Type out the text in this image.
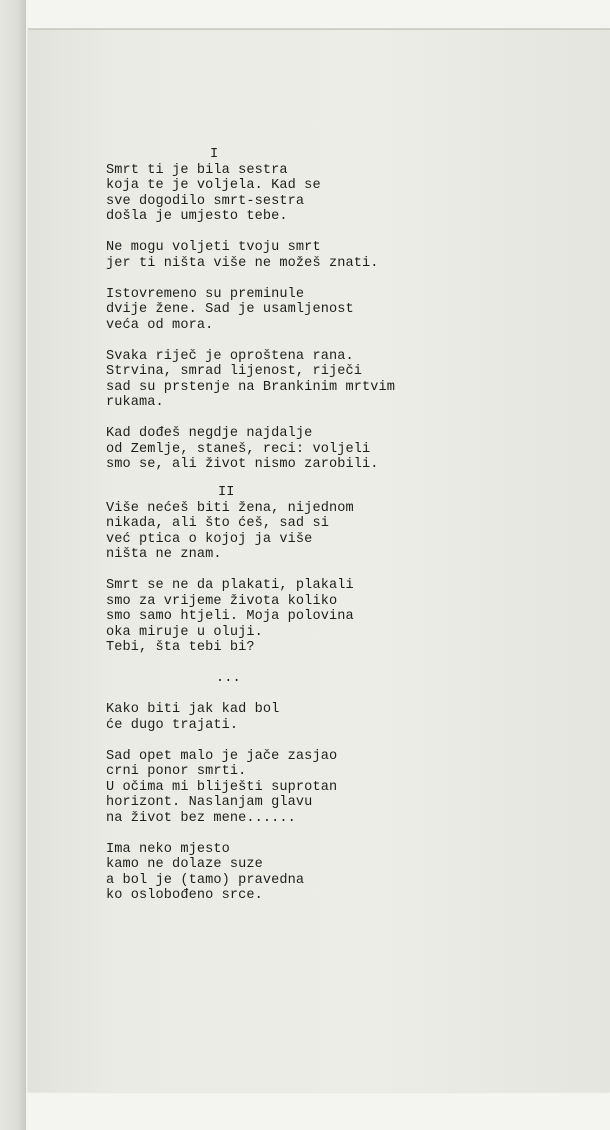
I
Smrt ti je bila sestra
koja te je voljela. Kad se
sve dogodilo smrt-sestra
došla je umjesto tebe.
Ne mogu voljeti tvoju smrt
jer ti ništa više ne možeš znati.
Istovremeno su preminule
dvije žene. Sad je usamljenost
veća od mora.
Svaka riječ je oproštena rana.
Strvina, smrad lijenost, riječi
sad su prstenje na Brankinim mrtvim
rukama.
Kad dođeš negdje najdalje
od Zemlje, staneš, reci: voljeli
smo se, ali život nismo zarobili.
II
Više nećeš biti žena, nijednom
nikada, ali što ćeš, sad si
već ptica o kojoj ja više
ništa ne znam.
Smrt se ne da plakati, plakali
smo za vrijeme života koliko
smo samo htjeli. Moja polovina
oka miruje u oluji.
Tebi, šta tebi bi?
...
Kako biti jak kad bol
će dugo trajati.
Sad opet malo je jače zasjao
crni ponor smrti.
U očima mi bliješti suprotan
horizont. Naslanjam glavu
na život bez mene......
Ima neko mjesto
kamo ne dolaze suze
a bol je (tamo) pravedna
ko oslobođeno srce.
